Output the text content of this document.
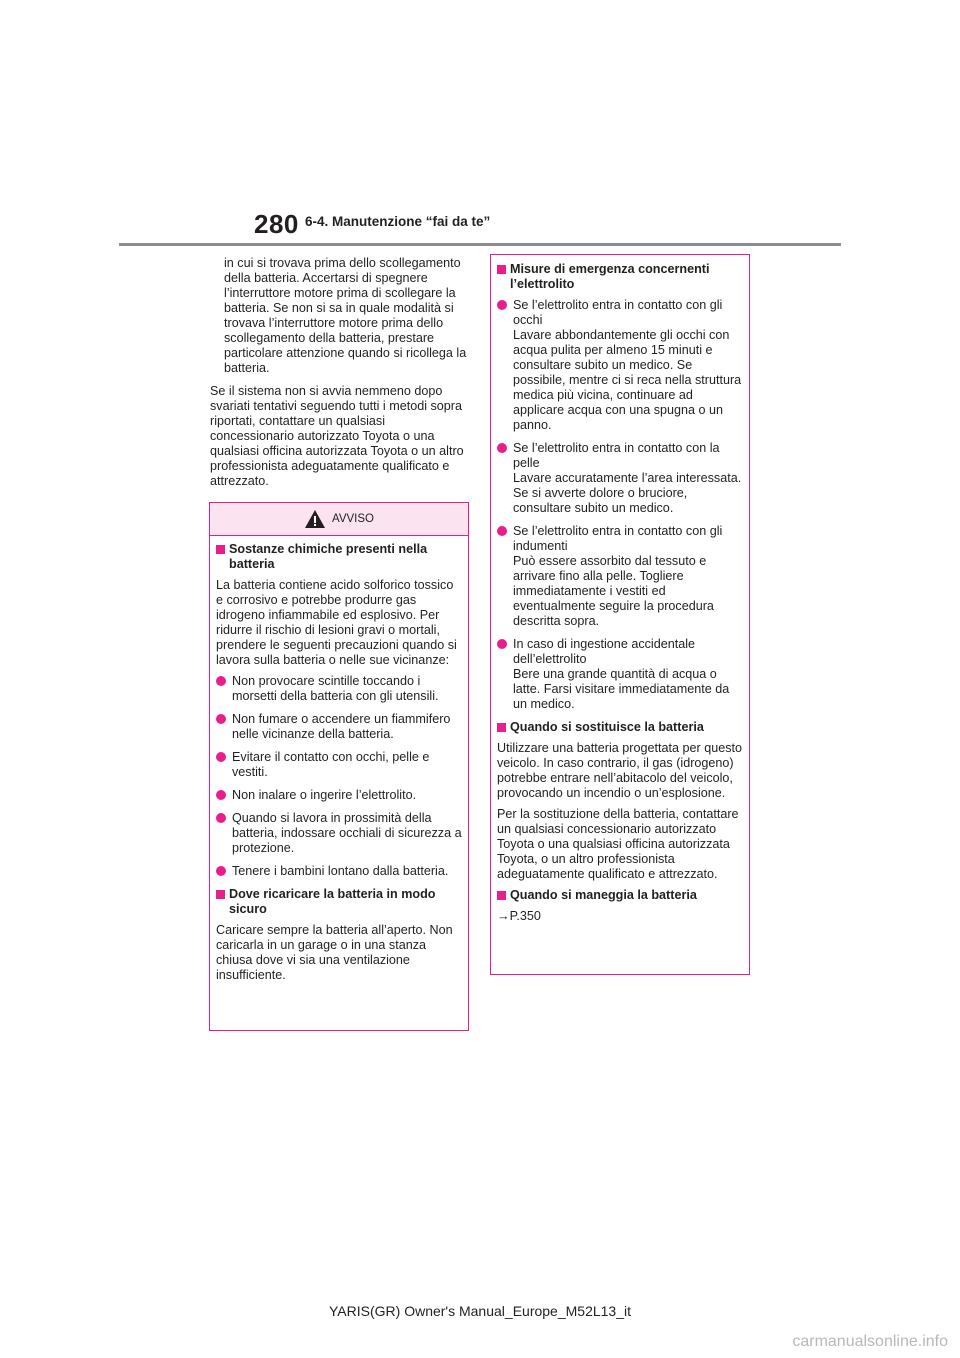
280 6-4. Manutenzione “fai da te”

in cui si trovava prima dello scollegamento della batteria. Accertarsi di spegnere l’interruttore motore prima di scollegare la batteria. Se non si sa in quale modalità si trovava l’interruttore motore prima dello scollegamento della batteria, prestare particolare attenzione quando si ricollega la batteria.

Se il sistema non si avvia nemmeno dopo svariati tentativi seguendo tutti i metodi sopra riportati, contattare un qualsiasi concessionario autorizzato Toyota o una qualsiasi officina autorizzata Toyota o un altro professionista adeguatamente qualificato e attrezzato.

AVVISO
Sostanze chimiche presenti nella batteria

La batteria contiene acido solforico tossico e corrosivo e potrebbe produrre gas idrogeno infiammabile ed esplosivo. Per ridurre il rischio di lesioni gravi o mortali, prendere le seguenti precauzioni quando si lavora sulla batteria o nelle sue vicinanze:

Non provocare scintille toccando i morsetti della batteria con gli utensili.
Non fumare o accendere un fiammifero nelle vicinanze della batteria.
Evitare il contatto con occhi, pelle e vestiti.
Non inalare o ingerire l’elettrolito.
Quando si lavora in prossimità della batteria, indossare occhiali di sicurezza a protezione.
Tenere i bambini lontano dalla batteria.
Dove ricaricare la batteria in modo sicuro

Caricare sempre la batteria all’aperto. Non caricarla in un garage o in una stanza chiusa dove vi sia una ventilazione insufficiente.

Misure di emergenza concernenti l’elettrolito
Se l’elettrolito entra in contatto con gli occhi
Lavare abbondantemente gli occhi con acqua pulita per almeno 15 minuti e consultare subito un medico. Se possibile, mentre ci si reca nella struttura medica più vicina, continuare ad applicare acqua con una spugna o un panno.
Se l’elettrolito entra in contatto con la pelle
Lavare accuratamente l’area interessata. Se si avverte dolore o bruciore, consultare subito un medico.
Se l’elettrolito entra in contatto con gli indumenti
Può essere assorbito dal tessuto e arrivare fino alla pelle. Togliere immediatamente i vestiti ed eventualmente seguire la procedura descritta sopra.
In caso di ingestione accidentale dell’elettrolito
Bere una grande quantità di acqua o latte. Farsi visitare immediatamente da un medico.
Quando si sostituisce la batteria

Utilizzare una batteria progettata per questo veicolo. In caso contrario, il gas (idrogeno) potrebbe entrare nell’abitacolo del veicolo, provocando un incendio o un’esplosione.

Per la sostituzione della batteria, contattare un qualsiasi concessionario autorizzato Toyota o una qualsiasi officina autorizzata Toyota, o un altro professionista adeguatamente qualificato e attrezzato.

Quando si maneggia la batteria

→P.350

YARIS(GR) Owner's Manual_Europe_M52L13_it
carmanualsonline.info
